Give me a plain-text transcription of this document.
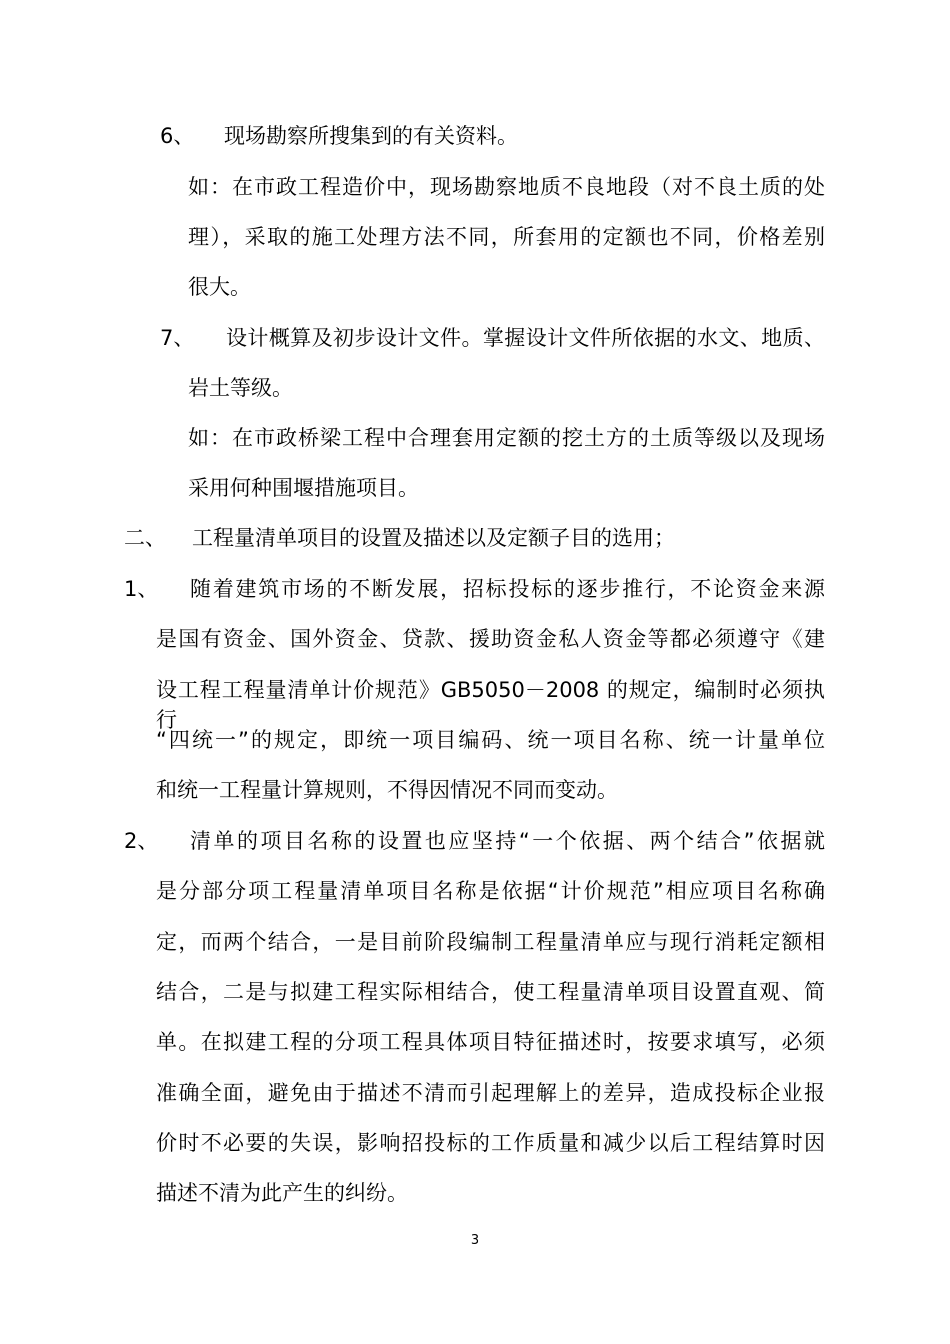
6、 现场勘察所搜集到的有关资料。

如：在市政工程造价中，现场勘察地质不良地段（对不良土质的处

理），采取的施工处理方法不同，所套用的定额也不同，价格差别

很大。

7、 设计概算及初步设计文件。掌握设计文件所依据的水文、地质、

岩土等级。

如：在市政桥梁工程中合理套用定额的挖土方的土质等级以及现场

采用何种围堰措施项目。

二、 工程量清单项目的设置及描述以及定额子目的选用；

1、 随着建筑市场的不断发展，招标投标的逐步推行，不论资金来源

是国有资金、国外资金、贷款、援助资金私人资金等都必须遵守《建

设工程工程量清单计价规范》GB5050－2008 的规定，编制时必须执行

“四统一”的规定，即统一项目编码、统一项目名称、统一计量单位

和统一工程量计算规则，不得因情况不同而变动。

2、 清单的项目名称的设置也应坚持“一个依据、两个结合”依据就

是分部分项工程量清单项目名称是依据“计价规范”相应项目名称确

定，而两个结合，一是目前阶段编制工程量清单应与现行消耗定额相

结合，二是与拟建工程实际相结合，使工程量清单项目设置直观、简

单。在拟建工程的分项工程具体项目特征描述时，按要求填写，必须

准确全面，避免由于描述不清而引起理解上的差异，造成投标企业报

价时不必要的失误，影响招投标的工作质量和减少以后工程结算时因

描述不清为此产生的纠纷。

3
